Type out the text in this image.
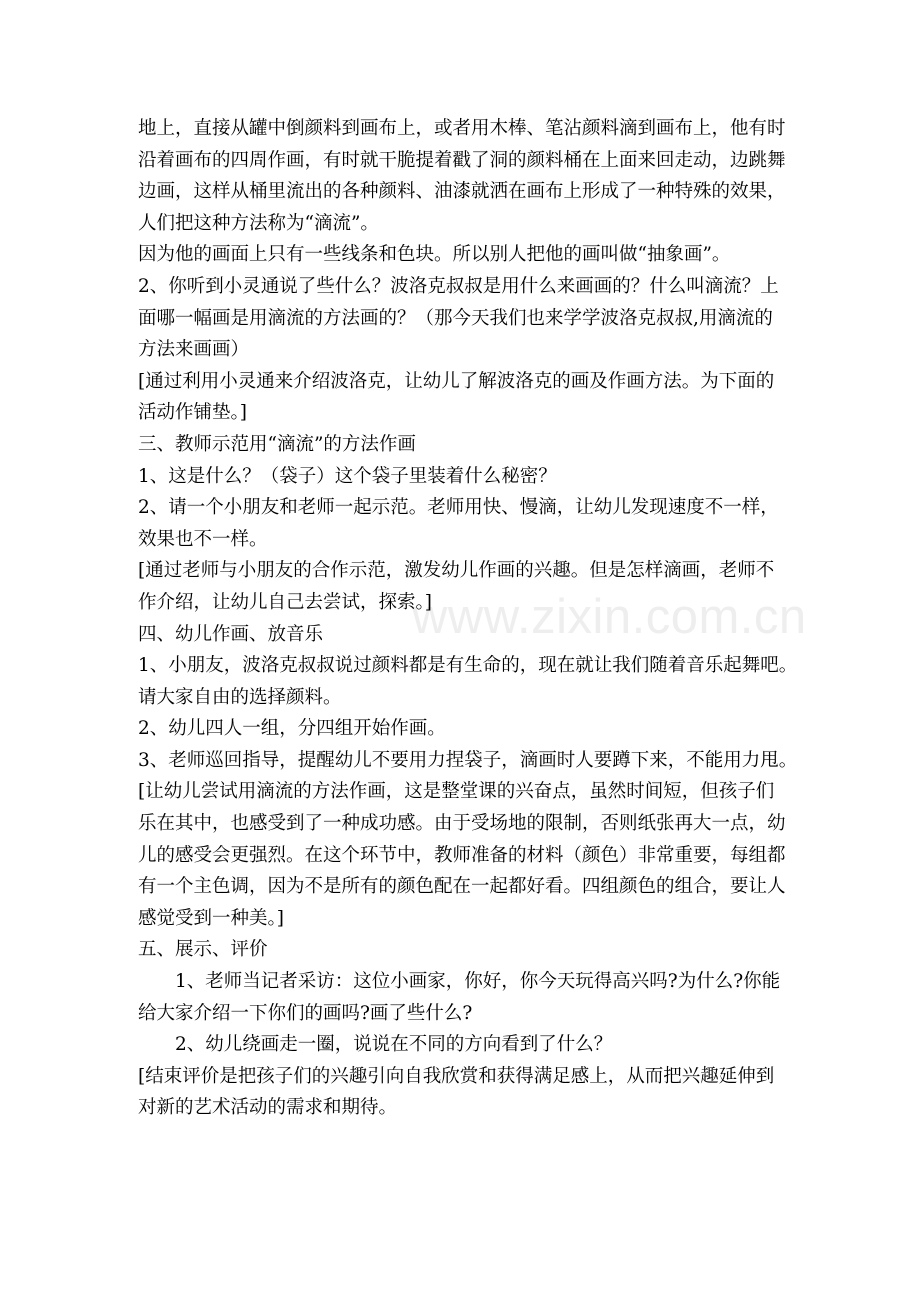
www.zixin.com.cn
地上，直接从罐中倒颜料到画布上，或者用木棒、笔沾颜料滴到画布上，他有时
沿着画布的四周作画，有时就干脆提着戳了洞的颜料桶在上面来回走动，边跳舞
边画，这样从桶里流出的各种颜料、油漆就洒在画布上形成了一种特殊的效果，
人们把这种方法称为“滴流”。
因为他的画面上只有一些线条和色块。所以别人把他的画叫做“抽象画”。
2、你听到小灵通说了些什么？波洛克叔叔是用什么来画画的？什么叫滴流？上
面哪一幅画是用滴流的方法画的？（那今天我们也来学学波洛克叔叔,用滴流的
方法来画画）
[通过利用小灵通来介绍波洛克，让幼儿了解波洛克的画及作画方法。为下面的
活动作铺垫。]
三、教师示范用“滴流”的方法作画
1、这是什么？（袋子）这个袋子里装着什么秘密？
2、请一个小朋友和老师一起示范。老师用快、慢滴，让幼儿发现速度不一样，
效果也不一样。
[通过老师与小朋友的合作示范，激发幼儿作画的兴趣。但是怎样滴画，老师不
作介绍，让幼儿自己去尝试，探索。]
四、幼儿作画、放音乐
1、小朋友，波洛克叔叔说过颜料都是有生命的，现在就让我们随着音乐起舞吧。
请大家自由的选择颜料。
2、幼儿四人一组，分四组开始作画。
3、老师巡回指导，提醒幼儿不要用力捏袋子，滴画时人要蹲下来，不能用力甩。
[让幼儿尝试用滴流的方法作画，这是整堂课的兴奋点，虽然时间短，但孩子们
乐在其中，也感受到了一种成功感。由于受场地的限制，否则纸张再大一点，幼
儿的感受会更强烈。在这个环节中，教师准备的材料（颜色）非常重要，每组都
有一个主色调，因为不是所有的颜色配在一起都好看。四组颜色的组合，要让人
感觉受到一种美。]
五、展示、评价
1、老师当记者采访：这位小画家，你好，你今天玩得高兴吗?为什么?你能
给大家介绍一下你们的画吗?画了些什么?
2、幼儿绕画走一圈，说说在不同的方向看到了什么？
[结束评价是把孩子们的兴趣引向自我欣赏和获得满足感上，从而把兴趣延伸到
对新的艺术活动的需求和期待。
